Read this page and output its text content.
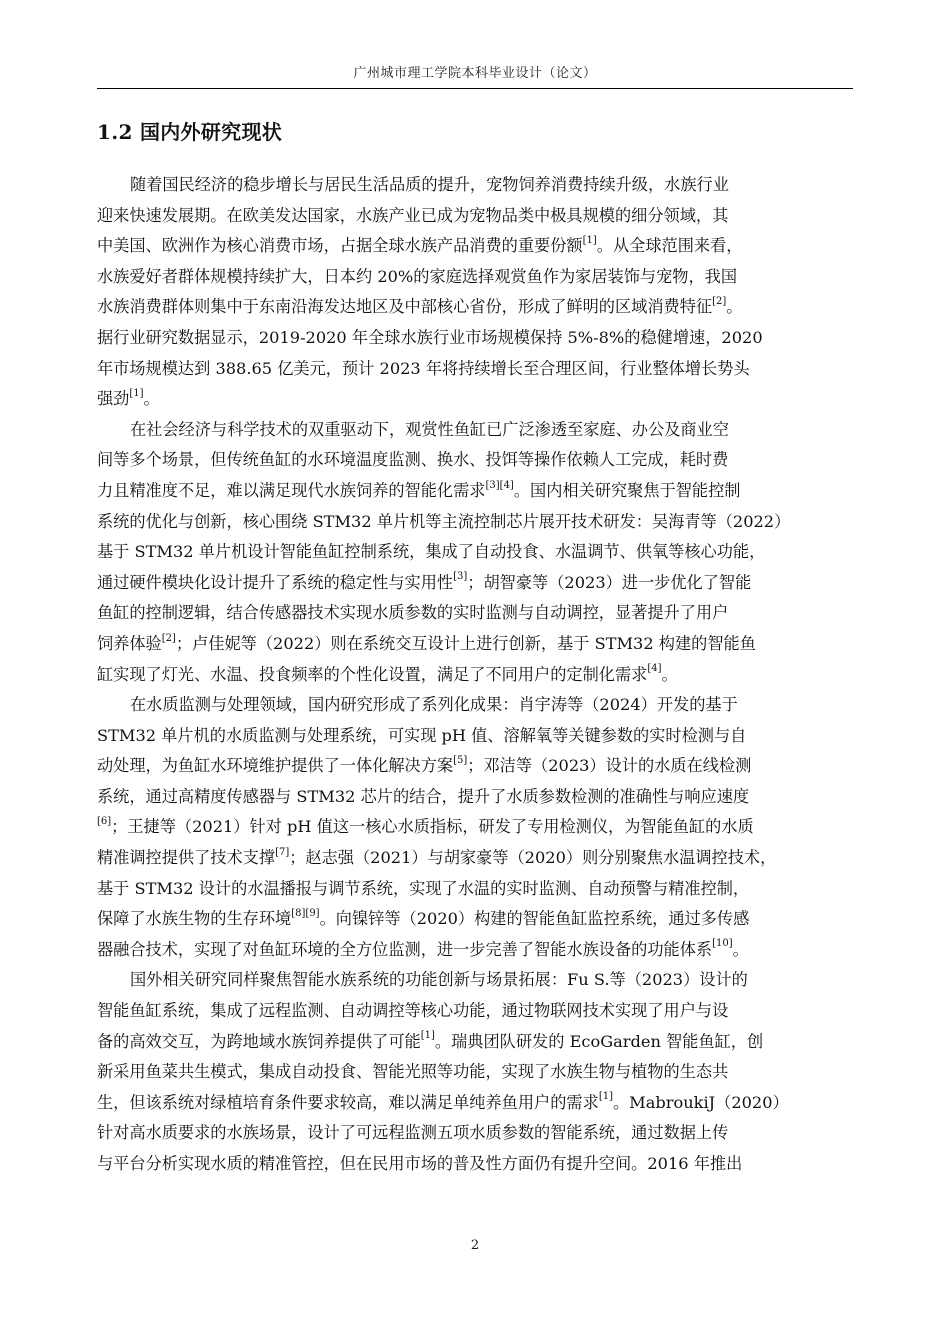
广州城市理工学院本科毕业设计（论文）
1.2 国内外研究现状

随着国民经济的稳步增长与居民生活品质的提升，宠物饲养消费持续升级，水族行业
迎来快速发展期。在欧美发达国家，水族产业已成为宠物品类中极具规模的细分领域，其
中美国、欧洲作为核心消费市场，占据全球水族产品消费的重要份额[1]。从全球范围来看，
水族爱好者群体规模持续扩大，日本约 20%的家庭选择观赏鱼作为家居装饰与宠物，我国
水族消费群体则集中于东南沿海发达地区及中部核心省份，形成了鲜明的区域消费特征[2]。
据行业研究数据显示，2019-2020 年全球水族行业市场规模保持 5%-8%的稳健增速，2020
年市场规模达到 388.65 亿美元，预计 2023 年将持续增长至合理区间，行业整体增长势头
强劲[1]。

在社会经济与科学技术的双重驱动下，观赏性鱼缸已广泛渗透至家庭、办公及商业空
间等多个场景，但传统鱼缸的水环境温度监测、换水、投饵等操作依赖人工完成，耗时费
力且精准度不足，难以满足现代水族饲养的智能化需求[3][4]。国内相关研究聚焦于智能控制
系统的优化与创新，核心围绕 STM32 单片机等主流控制芯片展开技术研发：吴海青等（2022）
基于 STM32 单片机设计智能鱼缸控制系统，集成了自动投食、水温调节、供氧等核心功能，
通过硬件模块化设计提升了系统的稳定性与实用性[3]；胡智豪等（2023）进一步优化了智能
鱼缸的控制逻辑，结合传感器技术实现水质参数的实时监测与自动调控，显著提升了用户
饲养体验[2]；卢佳妮等（2022）则在系统交互设计上进行创新，基于 STM32 构建的智能鱼
缸实现了灯光、水温、投食频率的个性化设置，满足了不同用户的定制化需求[4]。

在水质监测与处理领域，国内研究形成了系列化成果：肖宇涛等（2024）开发的基于
STM32 单片机的水质监测与处理系统，可实现 pH 值、溶解氧等关键参数的实时检测与自
动处理，为鱼缸水环境维护提供了一体化解决方案[5]；邓洁等（2023）设计的水质在线检测
系统，通过高精度传感器与 STM32 芯片的结合，提升了水质参数检测的准确性与响应速度
[6]；王捷等（2021）针对 pH 值这一核心水质指标，研发了专用检测仪，为智能鱼缸的水质
精准调控提供了技术支撑[7]；赵志强（2021）与胡家豪等（2020）则分别聚焦水温调控技术，
基于 STM32 设计的水温播报与调节系统，实现了水温的实时监测、自动预警与精准控制，
保障了水族生物的生存环境[8][9]。向镍锌等（2020）构建的智能鱼缸监控系统，通过多传感
器融合技术，实现了对鱼缸环境的全方位监测，进一步完善了智能水族设备的功能体系[10]。

国外相关研究同样聚焦智能水族系统的功能创新与场景拓展：Fu S.等（2023）设计的
智能鱼缸系统，集成了远程监测、自动调控等核心功能，通过物联网技术实现了用户与设
备的高效交互，为跨地域水族饲养提供了可能[1]。瑞典团队研发的 EcoGarden 智能鱼缸，创
新采用鱼菜共生模式，集成自动投食、智能光照等功能，实现了水族生物与植物的生态共
生，但该系统对绿植培育条件要求较高，难以满足单纯养鱼用户的需求[1]。MabroukiJ（2020）
针对高水质要求的水族场景，设计了可远程监测五项水质参数的智能系统，通过数据上传
与平台分析实现水质的精准管控，但在民用市场的普及性方面仍有提升空间。2016 年推出

2
